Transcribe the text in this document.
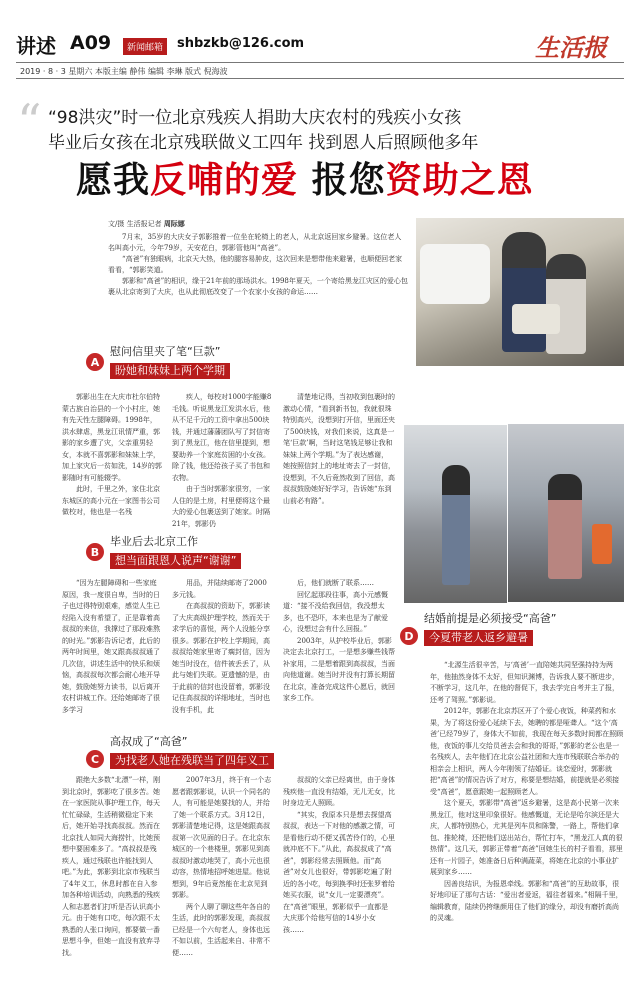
讲述 A09	新闻邮箱	shbzkb@126.com	生活报
2019 · 8 · 3 星期六 本版主编 静伟 编辑 李琳 版式 倪海波
“ “98洪灾”时一位北京残疾人捐助大庆农村的残疾小女孩
毕业后女孩在北京残联做义工四年 找到恩人后照顾他多年
愿我反哺的爱 报您资助之恩

文/摄 生活报记者 周际娜

7月末，35岁的大庆女子郭影推着一位坐在轮椅上的老人，从北京返回家乡避暑。这位老人名叫高小元，今年79岁，天安花白，郭影管他叫“高爸”。

“高爸”有独眼病，北京天大热，他的腿容易肿皮，这次回来是想带他来避暑，也顺便回老家看看，“郭影笑道。

郭影和“高爸”的相识，缘于21年前的那场洪水。1998年夏天，一个寄给黑龙江灾区的爱心包裹从北京寄到了大庆，也从此彻底改变了一个农家小女孩的命运……

A
慰问信里夹了笔“巨款”
盼她和妹妹上两个学期

郭影出生在大庆市杜尔伯特蒙古族自治县的一个小村庄，她有先天性左腿障碍。1998年，洪水肆虐，黑龙江讯情严重，郭影的家乡遭了灾，父亲重男轻女，本就不喜郭影和妹妹上学，加上家灾后一贫如洗，14岁的郭影随时有可能辍学。

此时，千里之外，家住北京东城区的高小元在一家图书公司做校对，他也是一名残

疾人，每校对1000字能赚8毛钱。听说黑龙江发洪水后，他从不足千元的工资中拿出500块钱，并通过藩藩团队写了封信寄到了黑龙江，他在信里提到，想要助养一个家庭贫困的小女孩。除了钱，他还给孩子买了书包和衣物。

由于当时郭影家很穷，一家人住的是土房，村里便将这个最大的爱心包裹送到了她家。时隔21年，郭影仍

清楚地记得，当初收到包裹时的激动心情，“看到新书包，我就很珠特别高兴，没想到打开信，里面还夹了500块钱，对我们来说，这真是一笔‘巨款’啊，当时这笔钱足够让我和妹妹上两个学期。”为了表达感谢，她按照信封上的地址寄去了一封信，没想到，不久后竟然收到了回信，高叔叔鼓励她好好学习，告诉她“东到山前必有路”。

B
毕业后去北京工作
想当面跟恩人说声“谢谢”

“因为左腿障碍和一些家庭原因，我一度很自卑，当时的日子也过得特别艰难，感觉人生已经陷入没有希望了，正是靠着高叔叔的来信，我撑过了那段难熬的时光。”郭影告诉记者，此后的两年时间里，她又跟高叔叔通了几次信，讲述生活中的快乐和烦恼，高叔叔每次都会耐心地开导她，鼓励她努力读书，以后离开农村讲城工作。还给她邮寄了很多学习

用品，并陆续邮寄了2000多元钱。

在高叔叔的资助下，郭影读了大庆高级护理学校，然而关于求学后的喜悦，两个人没能分享很多。郭影在护校上学期间，高叔叔给她家里寄了瘸封信，因为她当时没在，信件被丢丢了，从此与她们失联。更遗憾的是，由于此前的信封也没留着，郭影没记住高叔叔的详细地址，当时也没有手机，此

后，他们就断了联系……

回忆起那段往事，高小元感慨道：“接不没给我回信，我没想太多，也不恐吓，本来也是为了献爱心，没想过会有什么回报。”

2003年，从护校毕业后，郭影决定去北京打工，一是想多赚些钱帮补家用，二是想着跟到高叔叔，当面向他道谢。她当时并没有打算长期留在北京，准备完成这件心愿后，就回家乡工作。

D
结婚前提是必须接受“高爸”
今夏带老人返乡避暑

“北源生活很辛苦，与‘高爸’一直陪她共同坚强持持为两年，他抽然身体不太好，但知识渊博，告诉我人要不断进步，不断学习，这几年，在他的督促下，我去学完自考并主了报，还考了驾照。”郭影说。

2012年，郭影在北京苏区开了个爱心夜饭，种菜药和水果，为了将这份爱心延续下去，她聘的都是哑聋人。“这个‘高爸’已经79岁了，身体大不如前，我现在每天多数时间都在照顾他，夜饭的事儿交给员爸去会和我的哥哥，”郭影的老公也是一名残疾人，去年他们在北京公益社团和大连市残联联合举办的相亲会上相识，两人今年刚领了结婚证。谈恋爱时，郭影就把“高爸”的情况告诉了对方，称要是想结婚，前提就是必须接受“高爸”，愿意跟她一起照顾老人。

这个夏天，郭影带“高爸”返乡避暑，这是高小民第一次来黑龙江，他对这里印象很好。他感慨道，无论是哈尔滨还是大庆，人都特别热心，尤其是列车员和陈警，一路上，帮他们拿包、推轮椅，还把他们送出站台，帮忙打车，“黑龙江人真的很热情”。这几天，郭影正带着“高爸”回她生长的村子看看，那里还有一片园子，她准备日后种满蔬菜，将她在北京的小事业扩展到家乡……

因善良结识，为报恩牵线。郭影和“高爸”的互助故事，很好地印证了那句古话：“爱出者爱返，福往者福来。”相隔千里，编辑教育，陆续仍挎继颜用住了他们的缘分，却没有磨折高尚的灵魂。

C
高叔成了“高爸”
为找老人她在残联当了四年义工

跟绝大多数“北漂”一样，刚到北京时，郭影吃了很多苦。她在一家医院从事护理工作，每天忙忙碌碌，生活稍微稳定下来后，她开始寻找高叔叔。然而在北京找人如同大海捞针，比她预想中要困难多了。“高叔叔是残疾人，通过残联也许能找到人吧。”为此，郭影到北京市残联当了4年义工，休息时都在自入参加各种培训活动，向熟悉的残疾人和志愿者们打听是否认识高小元。由于她有口吃，每次跟不太熟悉的人张口询问，都要做一番思想斗争，但她一直没有放弃寻找。

2007年3月，终于有一个志愿者跟郭影说，认识一个同名的人，有可能是她要找的人，并给了她一个联系方式。3月12日，郭影清楚地记得，这是她跟高叔叔第一次见面的日子。在北京东城区的一个巷楼里，郭影见到高叔叔时激动地哭了，高小元也很动容，热情地招呼她进屋。他说想到，9年后竟然能在北京见到郭影。

两个人聊了聊这些年各自的生活，此时的郭影发现，高叔叔已经是一个六旬老人，身体也远不如以前，生活起来自、非常不便……

叔叔的父亲已经离世，由于身体残疾他一直没有结婚，无儿无女，比时身边无人照顾。

“其实，我原本只是想去探望高叔叔，表达一下对他的感激之情，可是看他行动不便又孤苦伶仃的，心里就冲底不下。”从此，高叔叔成了“高爸”，郭影经常去照顾他。而“高爸”对女儿也很好，带郭影吃遍了附近的各小吃，每到换季时还张罗着给她买衣服，说“女儿一定要漂亮”。在“高爸”眼里，郭影似乎一直都是大庆那个给他写信的14岁小女孩……
